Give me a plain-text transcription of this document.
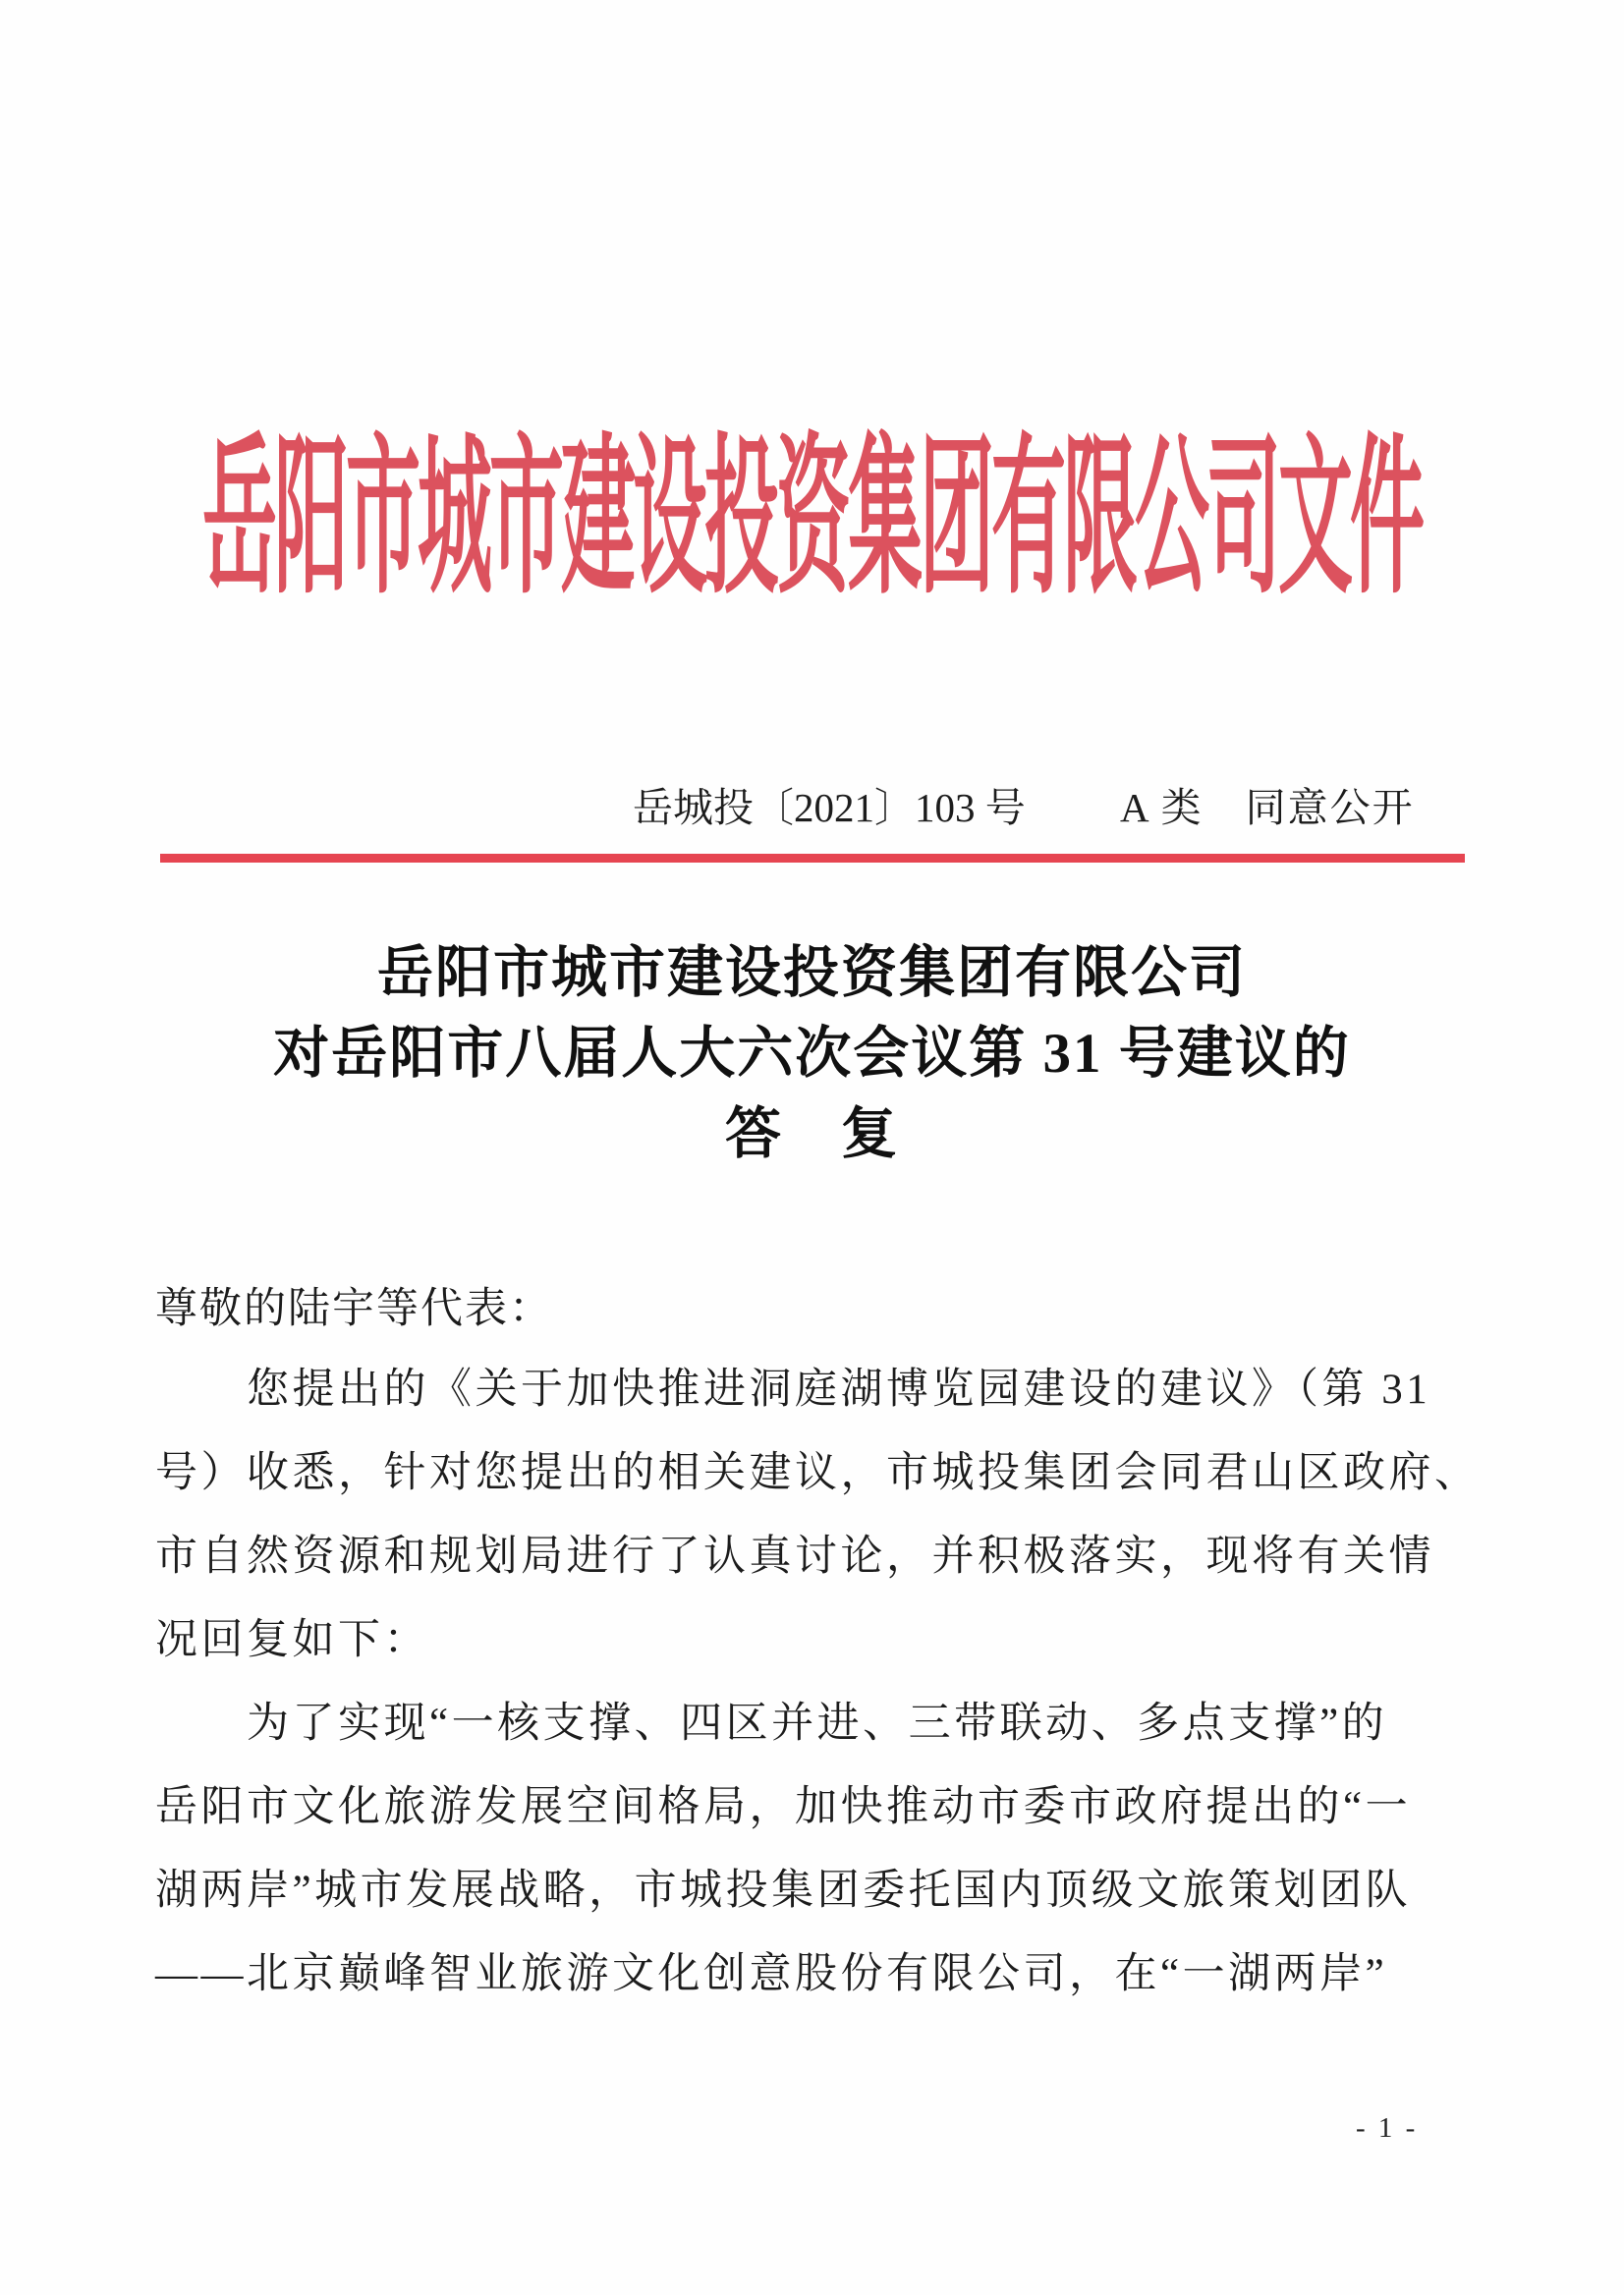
岳阳市城市建设投资集团有限公司文件
岳城投〔2021〕103 号 A 类　同意公开
岳阳市城市建设投资集团有限公司
对岳阳市八届人大六次会议第 31 号建议的
答　复
尊敬的陆宇等代表：
您提出的《关于加快推进洞庭湖博览园建设的建议》（第 31
号）收悉，针对您提出的相关建议，市城投集团会同君山区政府、
市自然资源和规划局进行了认真讨论，并积极落实，现将有关情
况回复如下：
为了实现“一核支撑、四区并进、三带联动、多点支撑”的
岳阳市文化旅游发展空间格局，加快推动市委市政府提出的“一
湖两岸”城市发展战略，市城投集团委托国内顶级文旅策划团队
——北京巅峰智业旅游文化创意股份有限公司，在“一湖两岸”
- 1 -
